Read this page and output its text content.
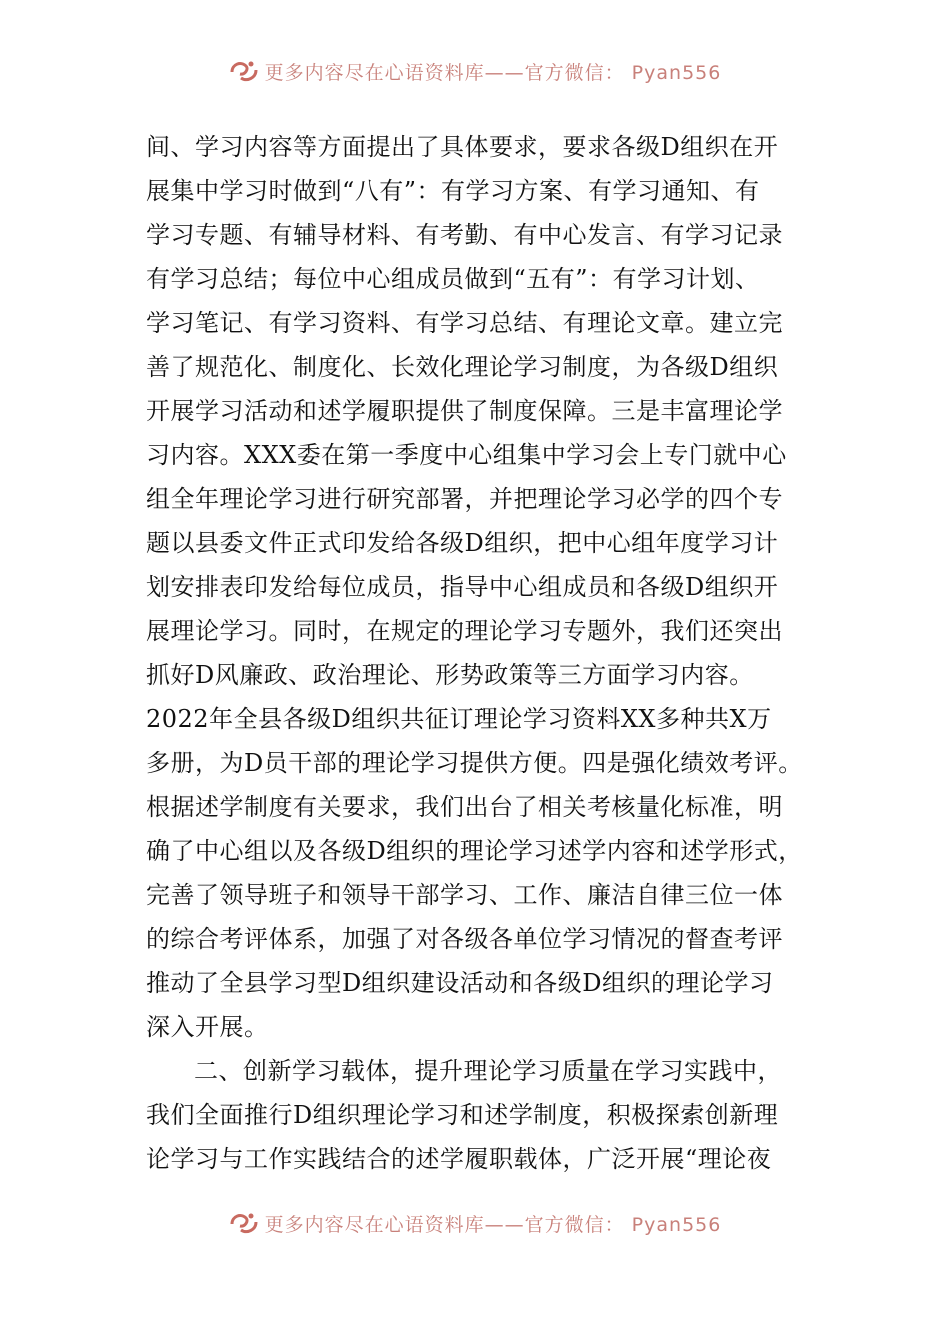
更多内容尽在心语资料库——官方微信： Pyan556

间、学习内容等方面提出了具体要求，要求各级D组织在开
展集中学习时做到“八有”：有学习方案、有学习通知、有
学习专题、有辅导材料、有考勤、有中心发言、有学习记录
有学习总结；每位中心组成员做到“五有”：有学习计划、
学习笔记、有学习资料、有学习总结、有理论文章。建立完
善了规范化、制度化、长效化理论学习制度，为各级D组织
开展学习活动和述学履职提供了制度保障。三是丰富理论学
习内容。XXX委在第一季度中心组集中学习会上专门就中心
组全年理论学习进行研究部署，并把理论学习必学的四个专
题以县委文件正式印发给各级D组织，把中心组年度学习计
划安排表印发给每位成员，指导中心组成员和各级D组织开
展理论学习。同时，在规定的理论学习专题外，我们还突出
抓好D风廉政、政治理论、形势政策等三方面学习内容。
2022年全县各级D组织共征订理论学习资料XX多种共X万
多册，为D员干部的理论学习提供方便。四是强化绩效考评。
根据述学制度有关要求，我们出台了相关考核量化标准，明
确了中心组以及各级D组织的理论学习述学内容和述学形式，
完善了领导班子和领导干部学习、工作、廉洁自律三位一体
的综合考评体系，加强了对各级各单位学习情况的督查考评
推动了全县学习型D组织建设活动和各级D组织的理论学习
深入开展。

二、创新学习载体，提升理论学习质量在学习实践中，
我们全面推行D组织理论学习和述学制度，积极探索创新理
论学习与工作实践结合的述学履职载体，广泛开展“理论夜

更多内容尽在心语资料库——官方微信： Pyan556
